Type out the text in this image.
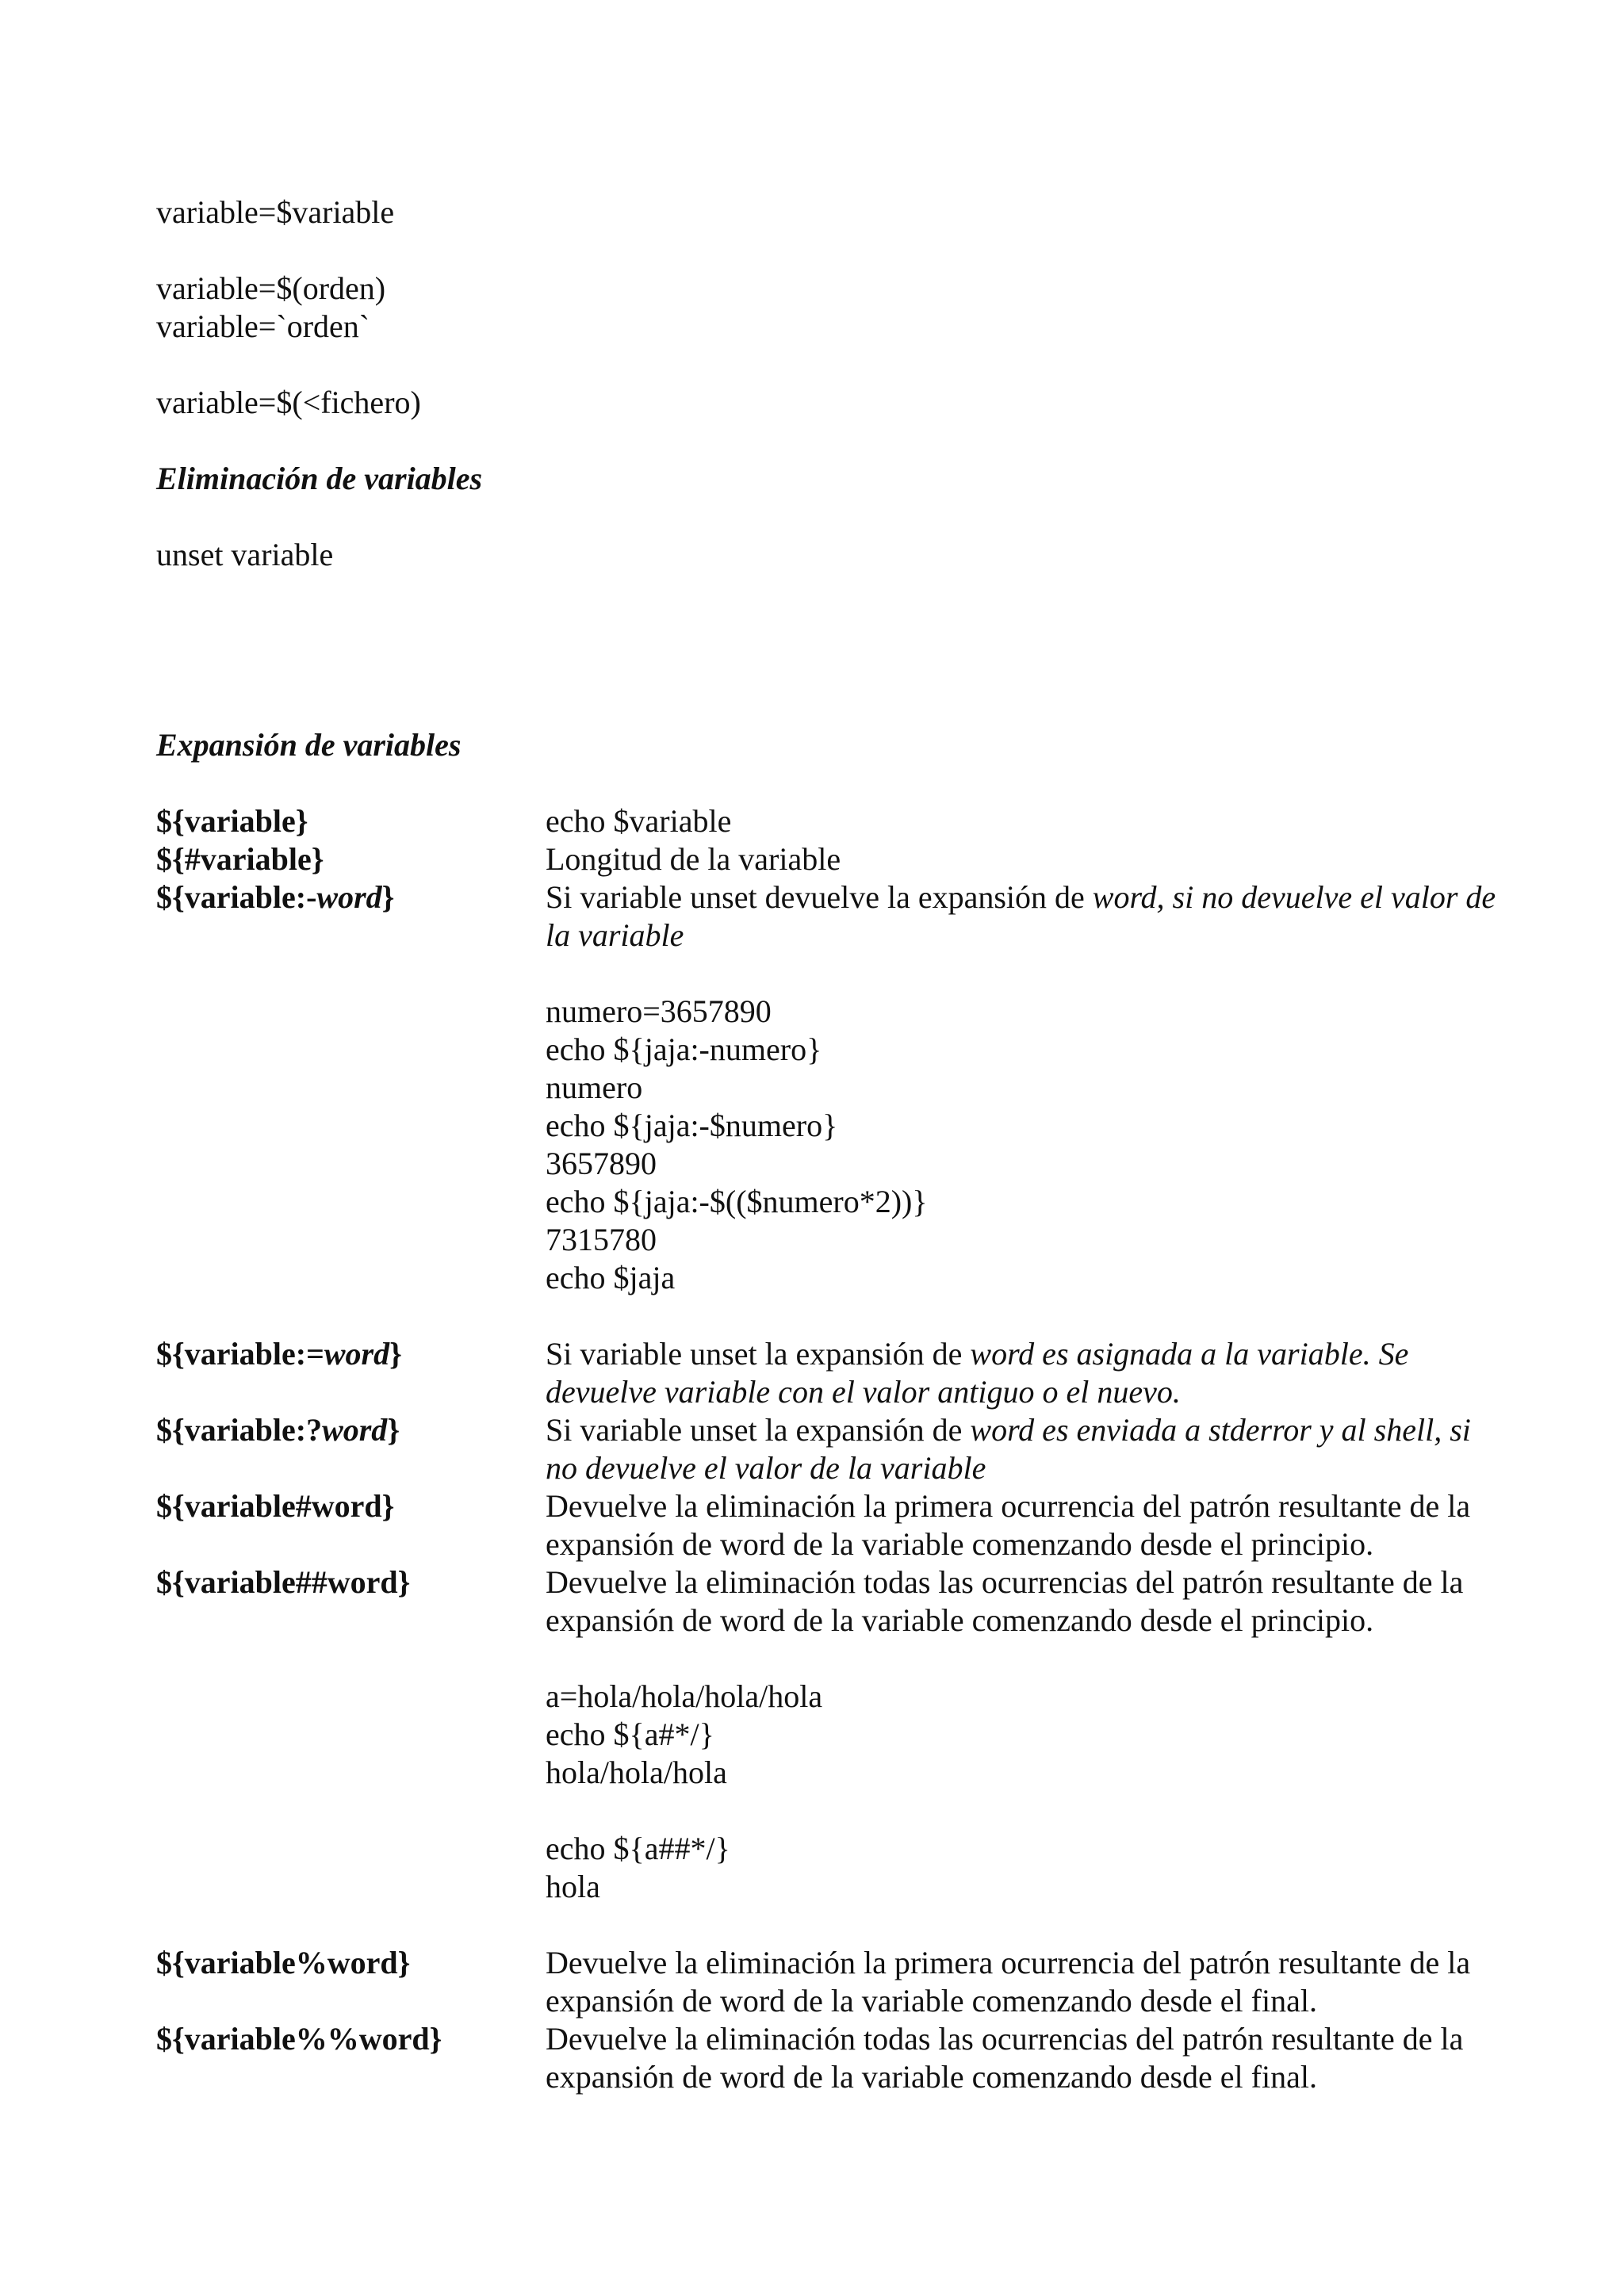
variable=$variable
variable=$(orden)
variable=`orden`
variable=$(<fichero)
Eliminación de variables
unset variable
Expansión de variables
${variable}	echo $variable
${#variable}	Longitud de la variable
${variable:-word}	Si variable unset devuelve la expansión de word, si no devuelve el valor de la variable
numero=3657890
echo ${jaja:-numero}
numero
echo ${jaja:-$numero}
3657890
echo ${jaja:-$(($numero*2))}
7315780
echo $jaja
${variable:=word}	Si variable unset la expansión de word es asignada a la variable. Se devuelve variable con el valor antiguo o el nuevo.
${variable:?word}	Si variable unset la expansión de word es enviada a stderror y al shell, si no devuelve el valor de la variable
${variable#word}	Devuelve la eliminación la primera ocurrencia del patrón resultante de la expansión de word de la variable comenzando desde el principio.
${variable##word}	Devuelve la eliminación todas las ocurrencias del patrón resultante de la expansión de word de la variable comenzando desde el principio.
a=hola/hola/hola/hola
echo ${a#*/}
hola/hola/hola
echo ${a##*/}
hola
${variable%word}	Devuelve la eliminación la primera ocurrencia del patrón resultante de la expansión de word de la variable comenzando desde el final.
${variable%%word}	Devuelve la eliminación todas las ocurrencias del patrón resultante de la expansión de word de la variable comenzando desde el final.
